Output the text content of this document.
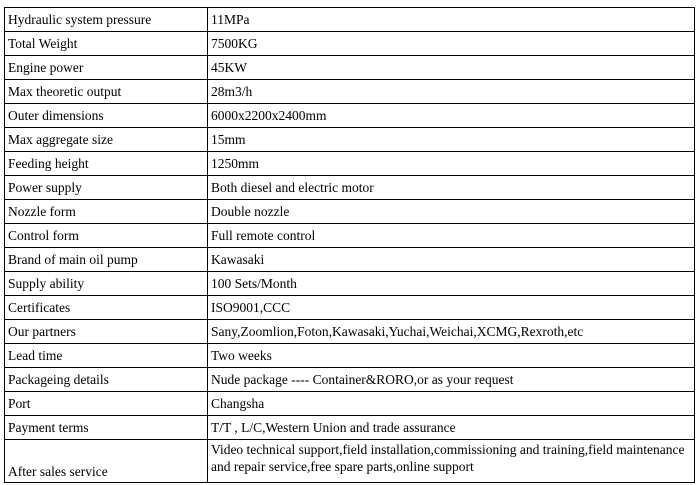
Hydraulic system pressure	11MPa
Total Weight	7500KG
Engine power	45KW
Max theoretic output	28m3/h
Outer dimensions	6000x2200x2400mm
Max aggregate size	15mm
Feeding height	1250mm
Power supply	Both diesel and electric motor
Nozzle form	Double nozzle
Control form	Full remote control
Brand of main oil pump	Kawasaki
Supply ability	100 Sets/Month
Certificates	ISO9001,CCC
Our partners	Sany,Zoomlion,Foton,Kawasaki,Yuchai,Weichai,XCMG,Rexroth,etc
Lead time	Two weeks
Packageing details	Nude package ---- Container&RORO,or as your request
Port	Changsha
Payment terms	T/T , L/C,Western Union and trade assurance
After sales service	Video technical support,field installation,commissioning and training,field maintenance and repair service,free spare parts,online support
